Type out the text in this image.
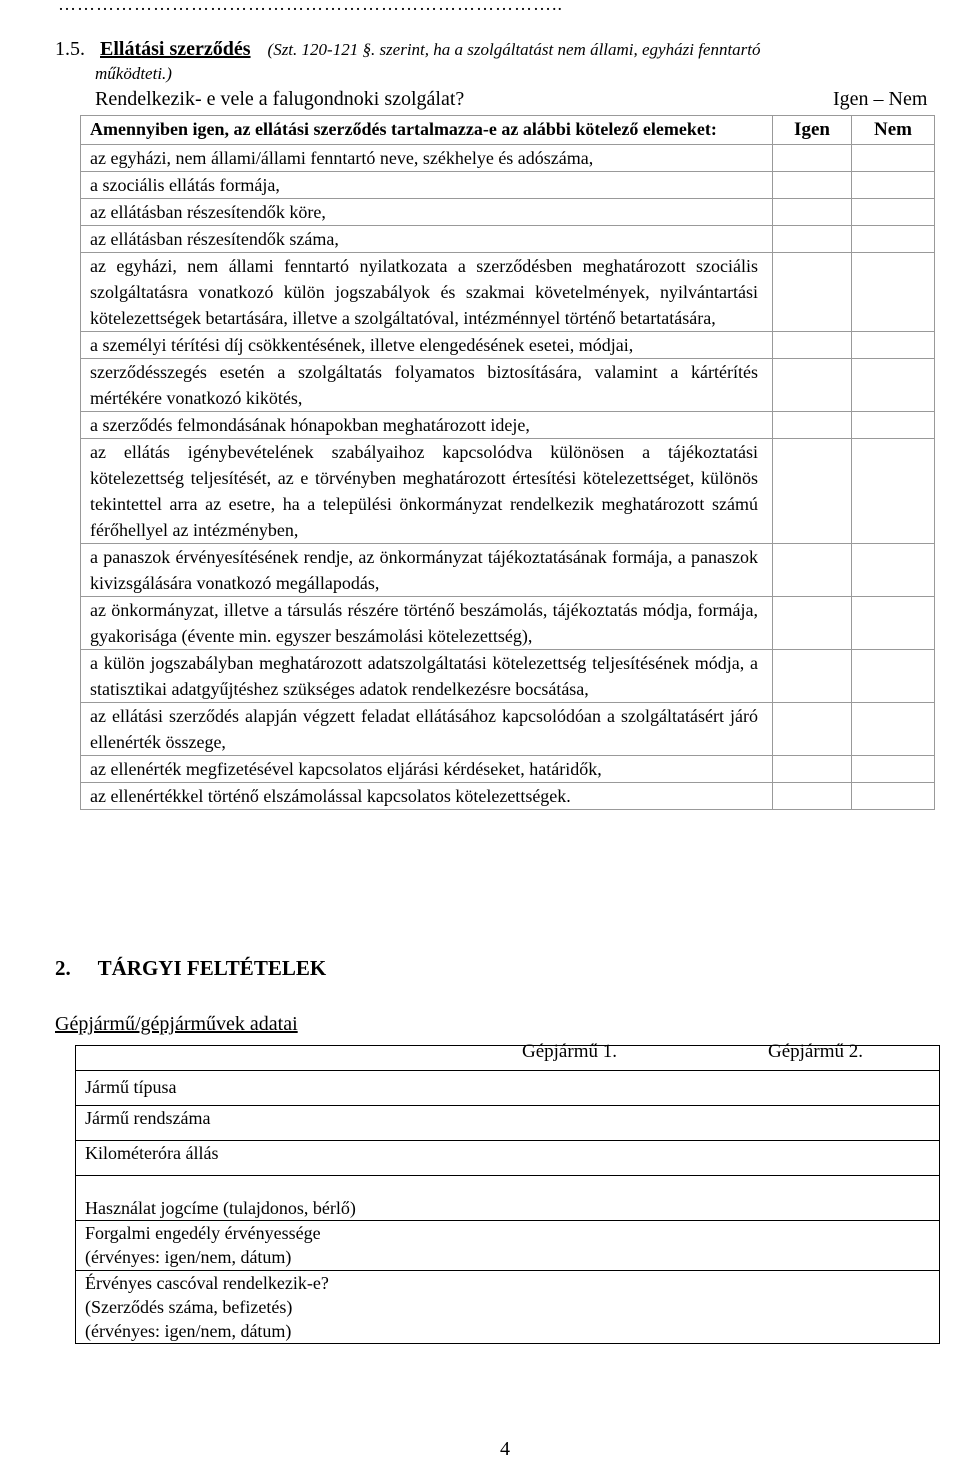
……………………………………………………………………..
1.5. Ellátási szerződés (Szt. 120-121 §. szerint, ha a szolgáltatást nem állami, egyházi fenntartó
működteti.)
Rendelkezik- e vele a falugondnoki szolgálat?	Igen – Nem
Amennyiben igen, az ellátási szerződés tartalmazza-e az alábbi kötelező elemeket:	Igen	Nem
az egyházi, nem állami/állami fenntartó neve, székhelye és adószáma,		
a szociális ellátás formája,		
az ellátásban részesítendők köre,		
az ellátásban részesítendők száma,		
az egyházi, nem állami fenntartó nyilatkozata a szerződésben meghatározott szociális szolgáltatásra vonatkozó külön jogszabályok és szakmai követelmények, nyilvántartási kötelezettségek betartására, illetve a szolgáltatóval, intézménnyel történő betartatására,		
a személyi térítési díj csökkentésének, illetve elengedésének esetei, módjai,		
szerződésszegés esetén a szolgáltatás folyamatos biztosítására, valamint a kártérítés mértékére vonatkozó kikötés,		
a szerződés felmondásának hónapokban meghatározott ideje,		
az ellátás igénybevételének szabályaihoz kapcsolódva különösen a tájékoztatási kötelezettség teljesítését, az e törvényben meghatározott értesítési kötelezettséget, különös tekintettel arra az esetre, ha a települési önkormányzat rendelkezik meghatározott számú férőhellyel az intézményben,		
a panaszok érvényesítésének rendje, az önkormányzat tájékoztatásának formája, a panaszok kivizsgálására vonatkozó megállapodás,		
az önkormányzat, illetve a társulás részére történő beszámolás, tájékoztatás módja, formája, gyakorisága (évente min. egyszer beszámolási kötelezettség),		
a külön jogszabályban meghatározott adatszolgáltatási kötelezettség teljesítésének módja, a statisztikai adatgyűjtéshez szükséges adatok rendelkezésre bocsátása,		
az ellátási szerződés alapján végzett feladat ellátásához kapcsolódóan a szolgáltatásért járó ellenérték összege,		
az ellenérték megfizetésével kapcsolatos eljárási kérdéseket, határidők,		
az ellenértékkel történő elszámolással kapcsolatos kötelezettségek.		
2. TÁRGYI FELTÉTELEK
Gépjármű/gépjárművek adatai
Gépjármű 1.	Gépjármű 2.

Jármű típusa	

Jármű rendszáma	

Kilométeróra állás	

Használat jogcíme (tulajdonos, bérlő)	

Forgalmi engedély érvényessége
(érvényes: igen/nem, dátum)	

Érvényes cascóval rendelkezik-e?
(Szerződés száma, befizetés)
(érvényes: igen/nem, dátum)	

4
